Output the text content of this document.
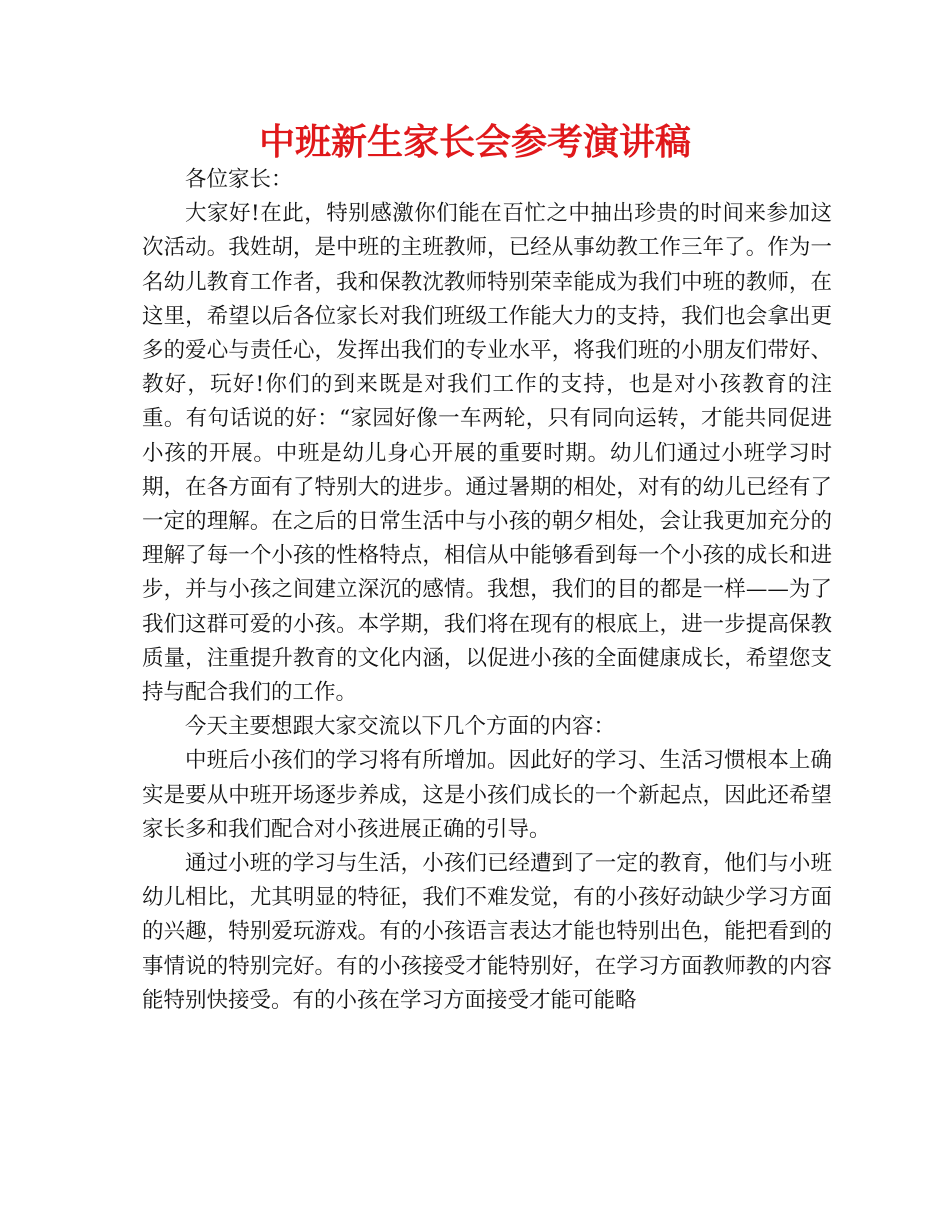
中班新生家长会参考演讲稿

各位家长：

大家好!在此，特别感激你们能在百忙之中抽出珍贵的时间来参加这次活动。我姓胡，是中班的主班教师，已经从事幼教工作三年了。作为一名幼儿教育工作者，我和保教沈教师特别荣幸能成为我们中班的教师，在这里，希望以后各位家长对我们班级工作能大力的支持，我们也会拿出更多的爱心与责任心，发挥出我们的专业水平，将我们班的小朋友们带好、教好，玩好!你们的到来既是对我们工作的支持，也是对小孩教育的注重。有句话说的好：“家园好像一车两轮，只有同向运转，才能共同促进小孩的开展。中班是幼儿身心开展的重要时期。幼儿们通过小班学习时期，在各方面有了特别大的进步。通过暑期的相处，对有的幼儿已经有了一定的理解。在之后的日常生活中与小孩的朝夕相处，会让我更加充分的理解了每一个小孩的性格特点，相信从中能够看到每一个小孩的成长和进步，并与小孩之间建立深沉的感情。我想，我们的目的都是一样——为了我们这群可爱的小孩。本学期，我们将在现有的根底上，进一步提高保教质量，注重提升教育的文化内涵，以促进小孩的全面健康成长，希望您支持与配合我们的工作。

今天主要想跟大家交流以下几个方面的内容：

中班后小孩们的学习将有所增加。因此好的学习、生活习惯根本上确实是要从中班开场逐步养成，这是小孩们成长的一个新起点，因此还希望家长多和我们配合对小孩进展正确的引导。

通过小班的学习与生活，小孩们已经遭到了一定的教育，他们与小班幼儿相比，尤其明显的特征，我们不难发觉，有的小孩好动缺少学习方面的兴趣，特别爱玩游戏。有的小孩语言表达才能也特别出色，能把看到的事情说的特别完好。有的小孩接受才能特别好，在学习方面教师教的内容能特别快接受。有的小孩在学习方面接受才能可能略
